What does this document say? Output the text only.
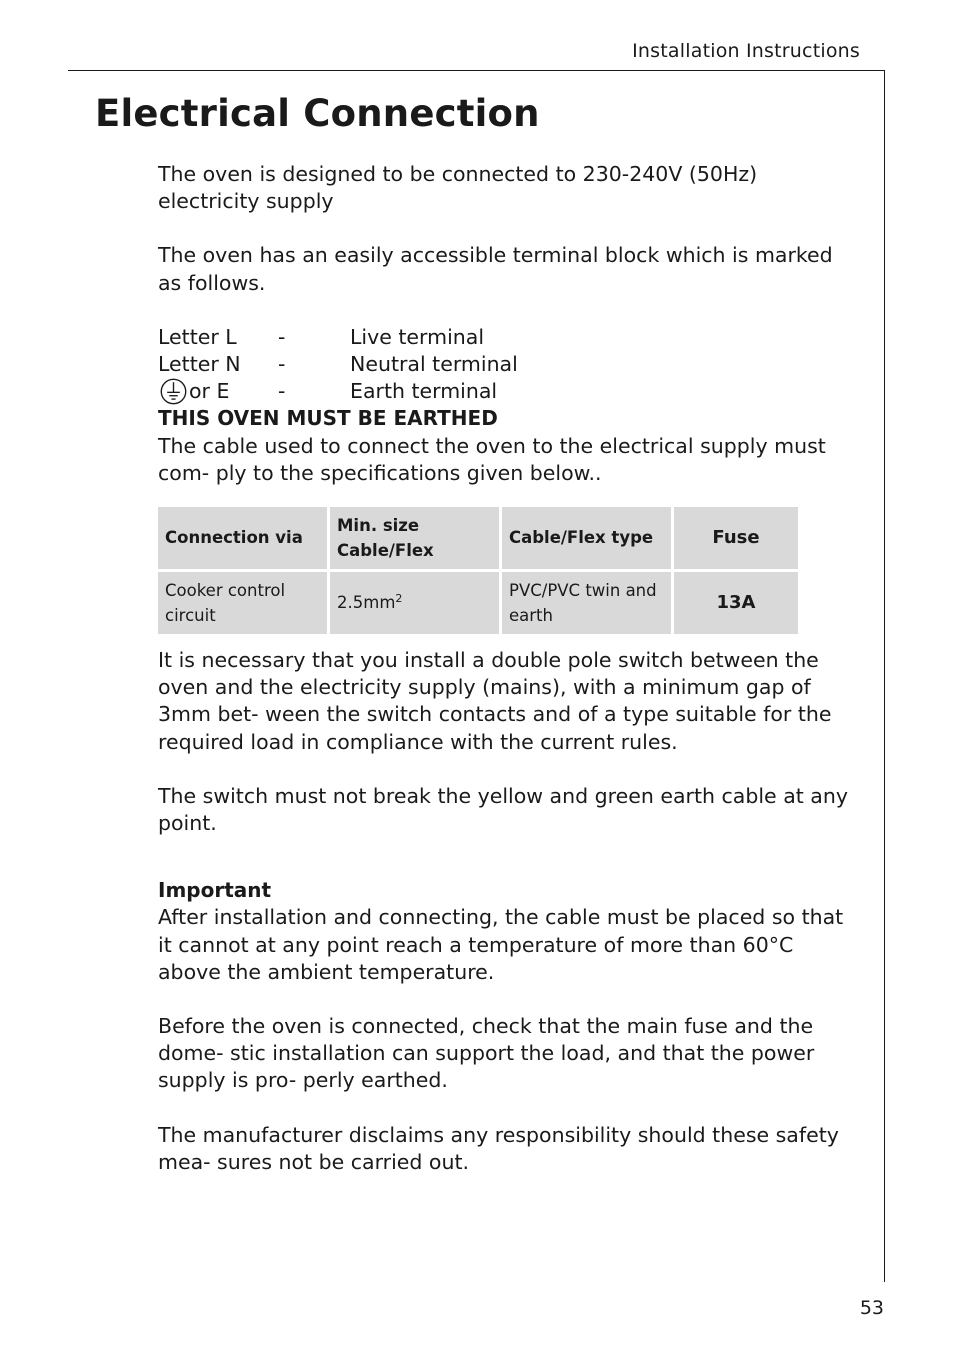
Installation Instructions
Electrical Connection

The oven is designed to be connected to 230-240V (50Hz) electricity supply

The oven has an easily accessible terminal block which is marked as follows.

Letter L	-	Live terminal
Letter N	-	Neutral terminal
or E -	Earth terminal

THIS OVEN MUST BE EARTHED

The cable used to connect the oven to the electrical supply must com- ply to the specifications given below..

Connection via	Min. size Cable/Flex	Cable/Flex type	Fuse
Cooker control circuit	$2.5mm^2$	PVC/PVC twin and earth	13A

It is necessary that you install a double pole switch between the oven and the electricity supply (mains), with a minimum gap of 3mm bet- ween the switch contacts and of a type suitable for the required load in compliance with the current rules.

The switch must not break the yellow and green earth cable at any point.

Important

After installation and connecting, the cable must be placed so that it cannot at any point reach a temperature of more than 60°C above the ambient temperature.

Before the oven is connected, check that the main fuse and the dome- stic installation can support the load, and that the power supply is pro- perly earthed.

The manufacturer disclaims any responsibility should these safety mea- sures not be carried out.

53
